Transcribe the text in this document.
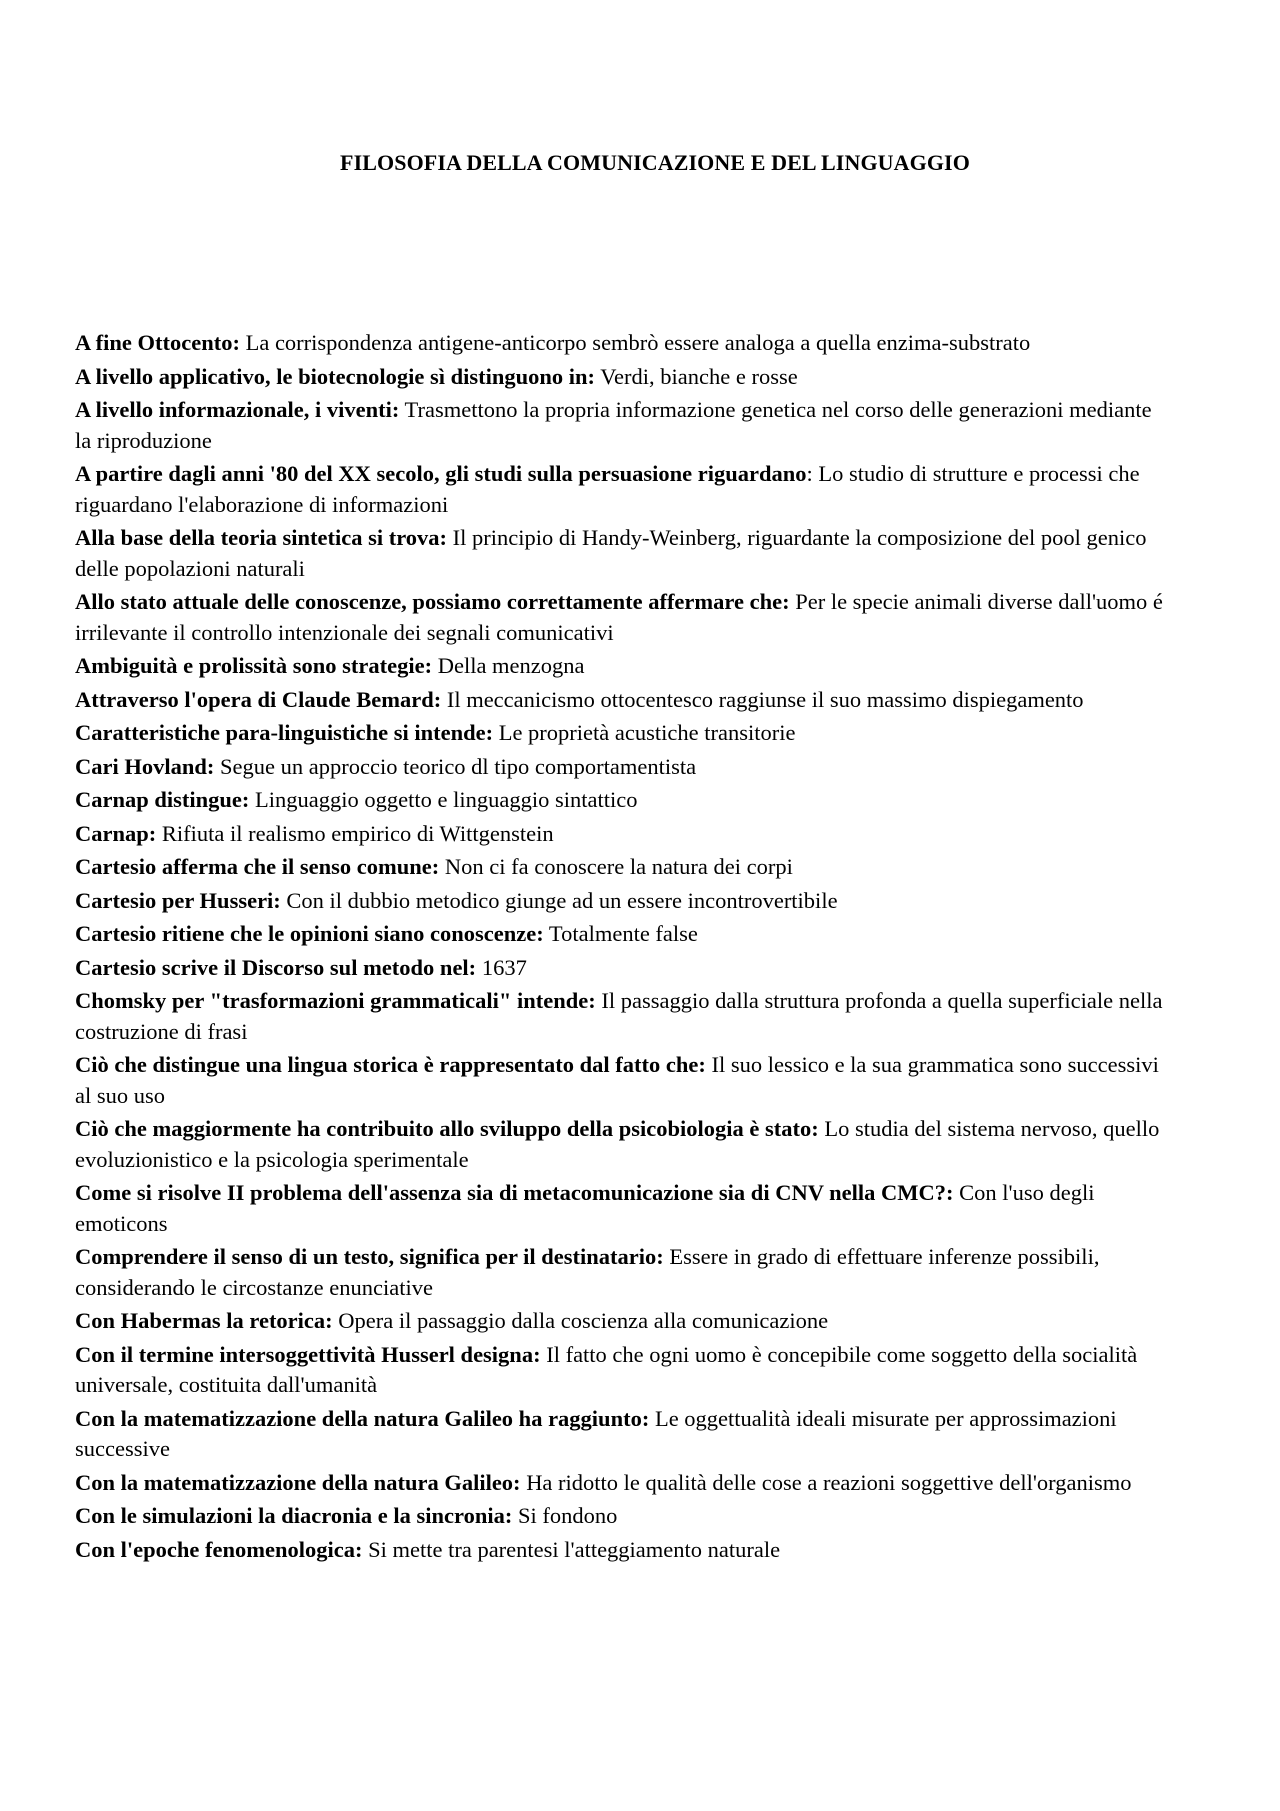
FILOSOFIA DELLA COMUNICAZIONE E DEL LINGUAGGIO
A fine Ottocento: La corrispondenza antigene-anticorpo sembrò essere analoga a quella enzima-substrato
A livello applicativo, le biotecnologie sì distinguono in: Verdi, bianche e rosse
A livello informazionale, i viventi: Trasmettono la propria informazione genetica nel corso delle generazioni mediante la riproduzione
A partire dagli anni '80 del XX secolo, gli studi sulla persuasione riguardano: Lo studio di strutture e processi che riguardano l'elaborazione di informazioni
Alla base della teoria sintetica si trova: Il principio di Handy-Weinberg, riguardante la composizione del pool genico delle popolazioni naturali
Allo stato attuale delle conoscenze, possiamo correttamente affermare che: Per le specie animali diverse dall'uomo é irrilevante il controllo intenzionale dei segnali comunicativi
Ambiguità e prolissità sono strategie: Della menzogna
Attraverso l'opera di Claude Bemard: Il meccanicismo ottocentesco raggiunse il suo massimo dispiegamento
Caratteristiche para-linguistiche si intende: Le proprietà acustiche transitorie
Cari Hovland: Segue un approccio teorico dl tipo comportamentista
Carnap distingue: Linguaggio oggetto e linguaggio sintattico
Carnap: Rifiuta il realismo empirico di Wittgenstein
Cartesio afferma che il senso comune: Non ci fa conoscere la natura dei corpi
Cartesio per Husseri: Con il dubbio metodico giunge ad un essere incontrovertibile
Cartesio ritiene che le opinioni siano conoscenze: Totalmente false
Cartesio scrive il Discorso sul metodo nel: 1637
Chomsky per "trasformazioni grammaticali" intende: Il passaggio dalla struttura profonda a quella superficiale nella costruzione di frasi
Ciò che distingue una lingua storica è rappresentato dal fatto che: Il suo lessico e la sua grammatica sono successivi al suo uso
Ciò che maggiormente ha contribuito allo sviluppo della psicobiologia è stato: Lo studia del sistema nervoso, quello evoluzionistico e la psicologia sperimentale
Come si risolve II problema dell'assenza sia di metacomunicazione sia di CNV nella CMC?: Con l'uso degli emoticons
Comprendere il senso di un testo, significa per il destinatario: Essere in grado di effettuare inferenze possibili, considerando le circostanze enunciative
Con Habermas la retorica: Opera il passaggio dalla coscienza alla comunicazione
Con il termine intersoggettività Husserl designa: Il fatto che ogni uomo è concepibile come soggetto della socialità universale, costituita dall'umanità
Con la matematizzazione della natura Galileo ha raggiunto: Le oggettualità ideali misurate per approssimazioni successive
Con la matematizzazione della natura Galileo: Ha ridotto le qualità delle cose a reazioni soggettive dell'organismo
Con le simulazioni la diacronia e la sincronia: Si fondono
Con l'epoche fenomenologica: Si mette tra parentesi l'atteggiamento naturale
